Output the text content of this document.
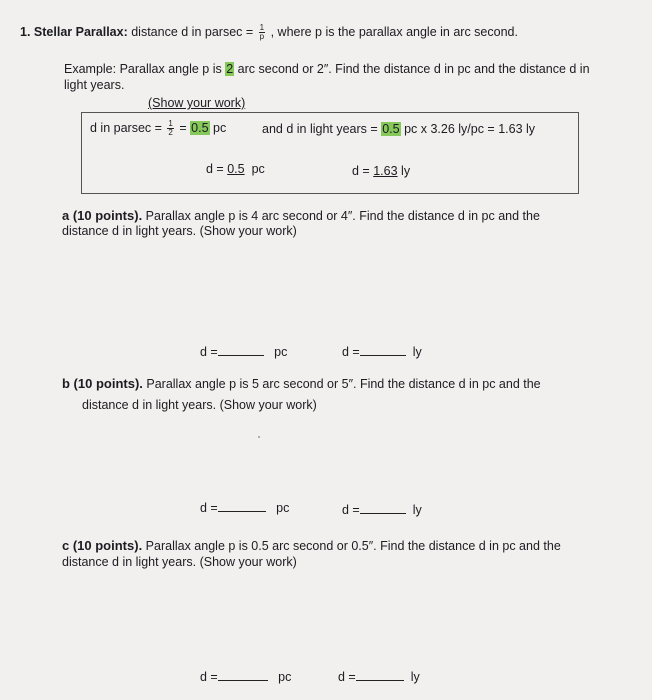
1. Stellar Parallax: distance d in $parsec = \frac{1}{p}$ , where p is the parallax angle in arc second.
Example: Parallax angle p is 2 arc second or 2″. Find the distance d in pc and the distance d in
light years.
(Show your work)
d in $parsec = \frac{1}{2} = 0.5$ pc	and d in light years = 0.5 pc x 3.26 ly/pc = 1.63 ly
d = 0.5 pc	d = 1.63 ly
a (10 points). Parallax angle p is 4 arc second or 4″. Find the distance d in pc and the
distance d in light years. (Show your work)
d =	pc	d =	ly
b (10 points). Parallax angle p is 5 arc second or 5″. Find the distance d in pc and the
distance d in light years. (Show your work)
d =	pc	d =	ly
c (10 points). Parallax angle p is 0.5 arc second or 0.5″. Find the distance d in pc and the
distance d in light years. (Show your work)
d =	pc	d =	ly
